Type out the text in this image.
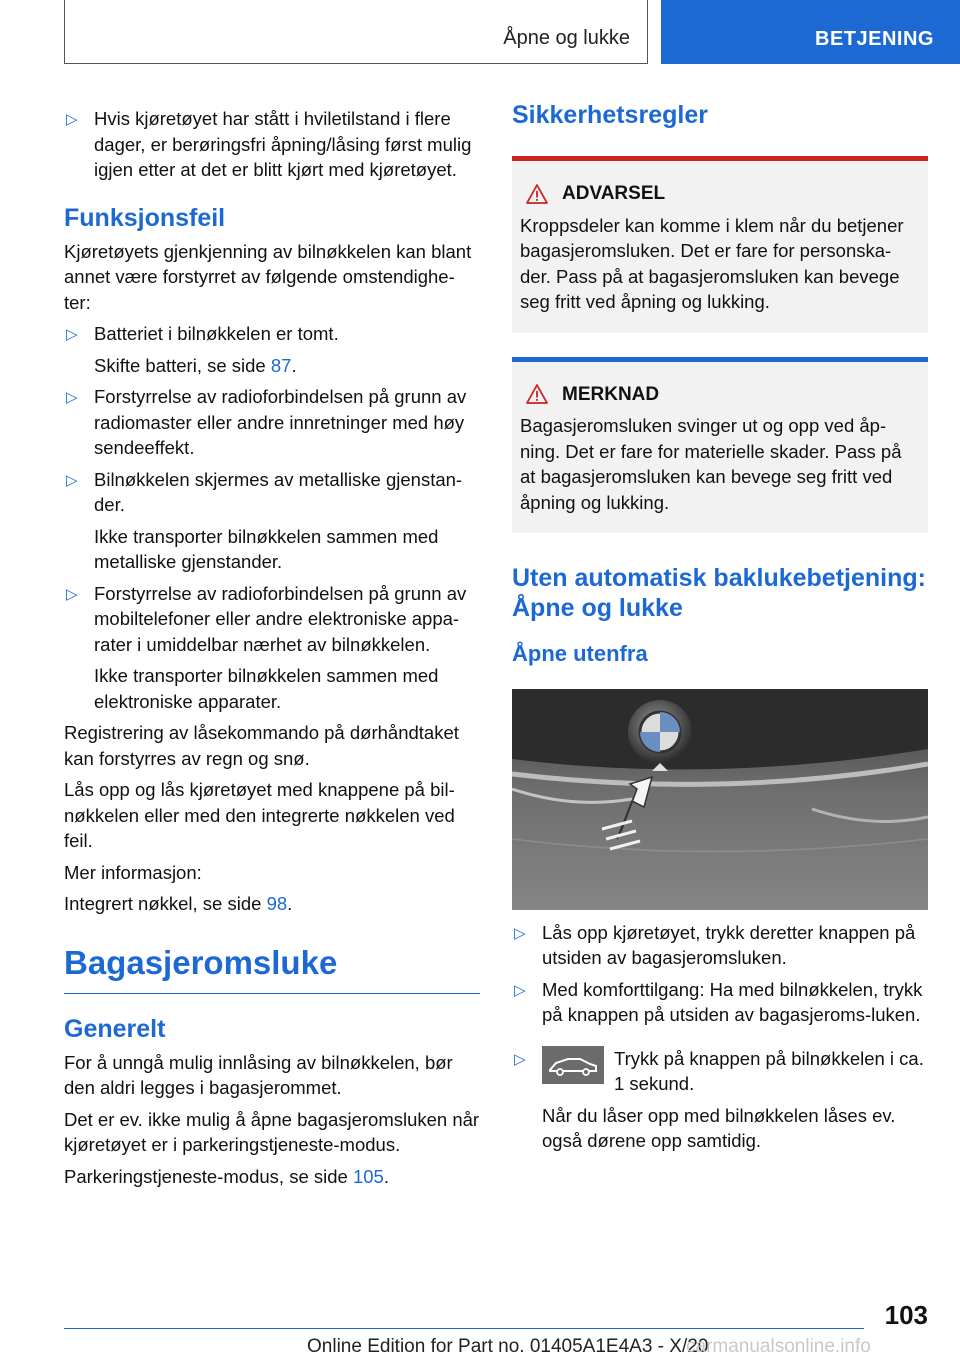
Åpne og lukke	BETJENING
▷ Hvis kjøretøyet har stått i hviletilstand i flere dager, er berøringsfri åpning/låsing først mulig igjen etter at det er blitt kjørt med kjøretøyet.
Funksjonsfeil

Kjøretøyets gjenkjenning av bilnøkkelen kan blant annet være forstyrret av følgende omstendighe-ter:

▷ Batteriet i bilnøkkelen er tomt.
Skifte batteri, se side 87.
▷ Forstyrrelse av radioforbindelsen på grunn av radiomaster eller andre innretninger med høy sendeeffekt.
▷ Bilnøkkelen skjermes av metalliske gjenstan-der.
Ikke transporter bilnøkkelen sammen med metalliske gjenstander.
▷ Forstyrrelse av radioforbindelsen på grunn av mobiltelefoner eller andre elektroniske appa-rater i umiddelbar nærhet av bilnøkkelen.
Ikke transporter bilnøkkelen sammen med elektroniske apparater.

Registrering av låsekommando på dørhåndtaket kan forstyrres av regn og snø.

Lås opp og lås kjøretøyet med knappene på bil-nøkkelen eller med den integrerte nøkkelen ved feil.

Mer informasjon:

Integrert nøkkel, se side 98.

Bagasjeromsluke
Generelt

For å unngå mulig innlåsing av bilnøkkelen, bør den aldri legges i bagasjerommet.

Det er ev. ikke mulig å åpne bagasjeromsluken når kjøretøyet er i parkeringstjeneste-modus.

Parkeringstjeneste-modus, se side 105.

Sikkerhetsregler
ADVARSEL

Kroppsdeler kan komme i klem når du betjener bagasjeromsluken. Det er fare for personska-der. Pass på at bagasjeromsluken kan bevege seg fritt ved åpning og lukking.

MERKNAD

Bagasjeromsluken svinger ut og opp ved åp-ning. Det er fare for materielle skader. Pass på at bagasjeromsluken kan bevege seg fritt ved åpning og lukking.

Uten automatisk baklukebetjening: Åpne og lukke
Åpne utenfra
▷ Lås opp kjøretøyet, trykk deretter knappen på utsiden av bagasjeromsluken.
▷ Med komforttilgang: Ha med bilnøkkelen, trykk på knappen på utsiden av bagasjeroms-luken.
▷	Trykk på knappen på bilnøkkelen i ca. 1 sekund.
Når du låser opp med bilnøkkelen låses ev. også dørene opp samtidig.
103
Online Edition for Part no. 01405A1E4A3 - X/20
carmanualsonline.info
